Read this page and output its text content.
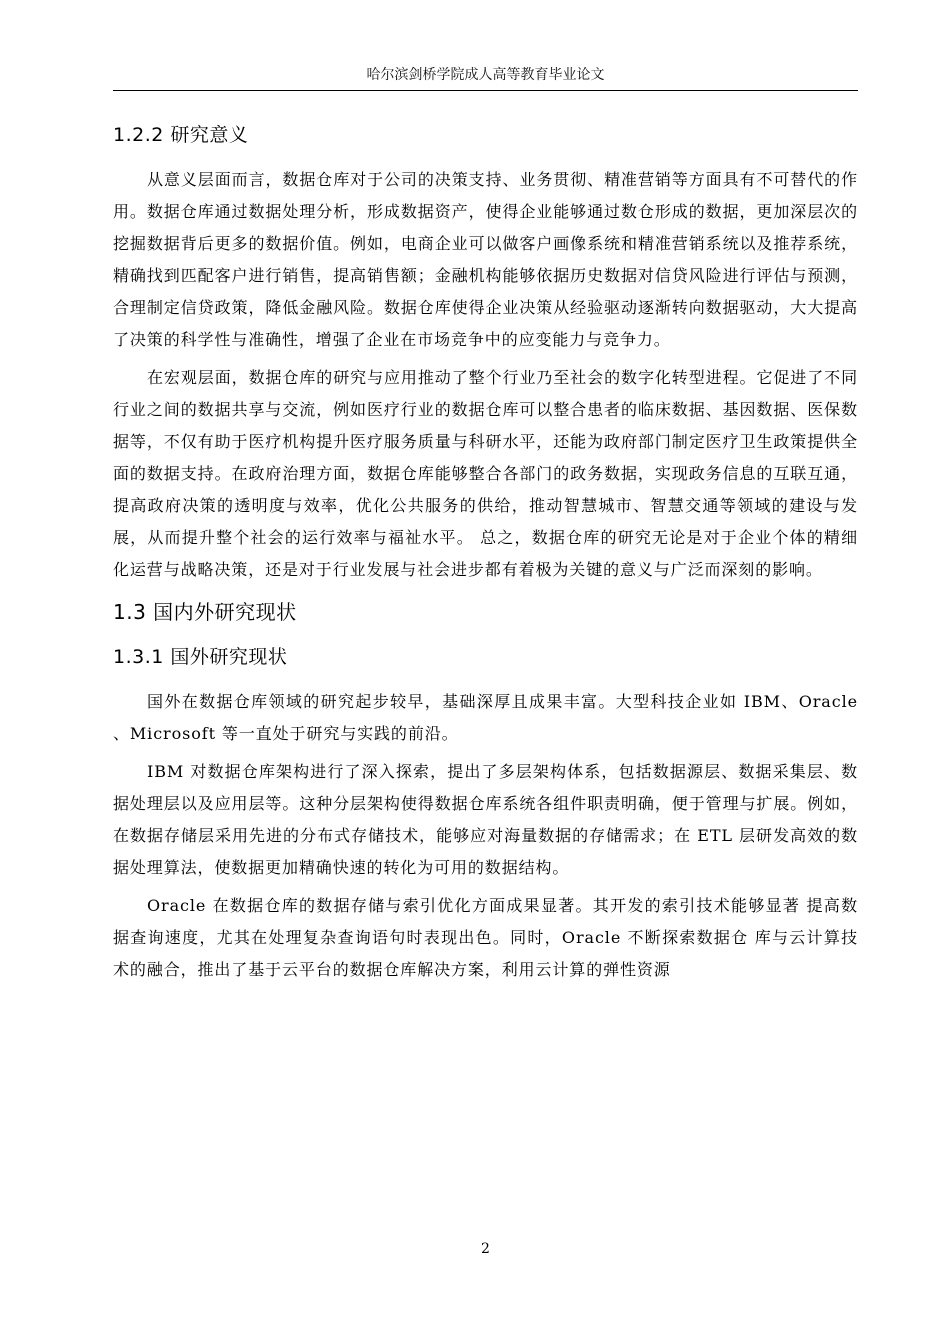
哈尔滨剑桥学院成人高等教育毕业论文
1.2.2 研究意义

从意义层面而言，数据仓库对于公司的决策支持、业务贯彻、精准营销等方面具有不可替代的作用。数据仓库通过数据处理分析，形成数据资产，使得企业能够通过数仓形成的数据，更加深层次的挖掘数据背后更多的数据价值。例如，电商企业可以做客户画像系统和精准营销系统以及推荐系统，精确找到匹配客户进行销售，提高销售额；金融机构能够依据历史数据对信贷风险进行评估与预测，合理制定信贷政策，降低金融风险。数据仓库使得企业决策从经验驱动逐渐转向数据驱动，大大提高了决策的科学性与准确性，增强了企业在市场竞争中的应变能力与竞争力。

在宏观层面，数据仓库的研究与应用推动了整个行业乃至社会的数字化转型进程。它促进了不同行业之间的数据共享与交流，例如医疗行业的数据仓库可以整合患者的临床数据、基因数据、医保数据等，不仅有助于医疗机构提升医疗服务质量与科研水平，还能为政府部门制定医疗卫生政策提供全面的数据支持。在政府治理方面，数据仓库能够整合各部门的政务数据，实现政务信息的互联互通，提高政府决策的透明度与效率，优化公共服务的供给，推动智慧城市、智慧交通等领域的建设与发展，从而提升整个社会的运行效率与福祉水平。 总之，数据仓库的研究无论是对于企业个体的精细化运营与战略决策，还是对于行业发展与社会进步都有着极为关键的意义与广泛而深刻的影响。

1.3 国内外研究现状
1.3.1 国外研究现状

国外在数据仓库领域的研究起步较早，基础深厚且成果丰富。大型科技企业如 IBM、Oracle 、Microsoft 等一直处于研究与实践的前沿。

IBM 对数据仓库架构进行了深入探索，提出了多层架构体系，包括数据源层、数据采集层、数据处理层以及应用层等。这种分层架构使得数据仓库系统各组件职责明确，便于管理与扩展。例如，在数据存储层采用先进的分布式存储技术，能够应对海量数据的存储需求；在 ETL 层研发高效的数据处理算法，使数据更加精确快速的转化为可用的数据结构。

Oracle 在数据仓库的数据存储与索引优化方面成果显著。其开发的索引技术能够显著 提高数据查询速度，尤其在处理复杂查询语句时表现出色。同时，Oracle 不断探索数据仓 库与云计算技术的融合，推出了基于云平台的数据仓库解决方案，利用云计算的弹性资源

2
